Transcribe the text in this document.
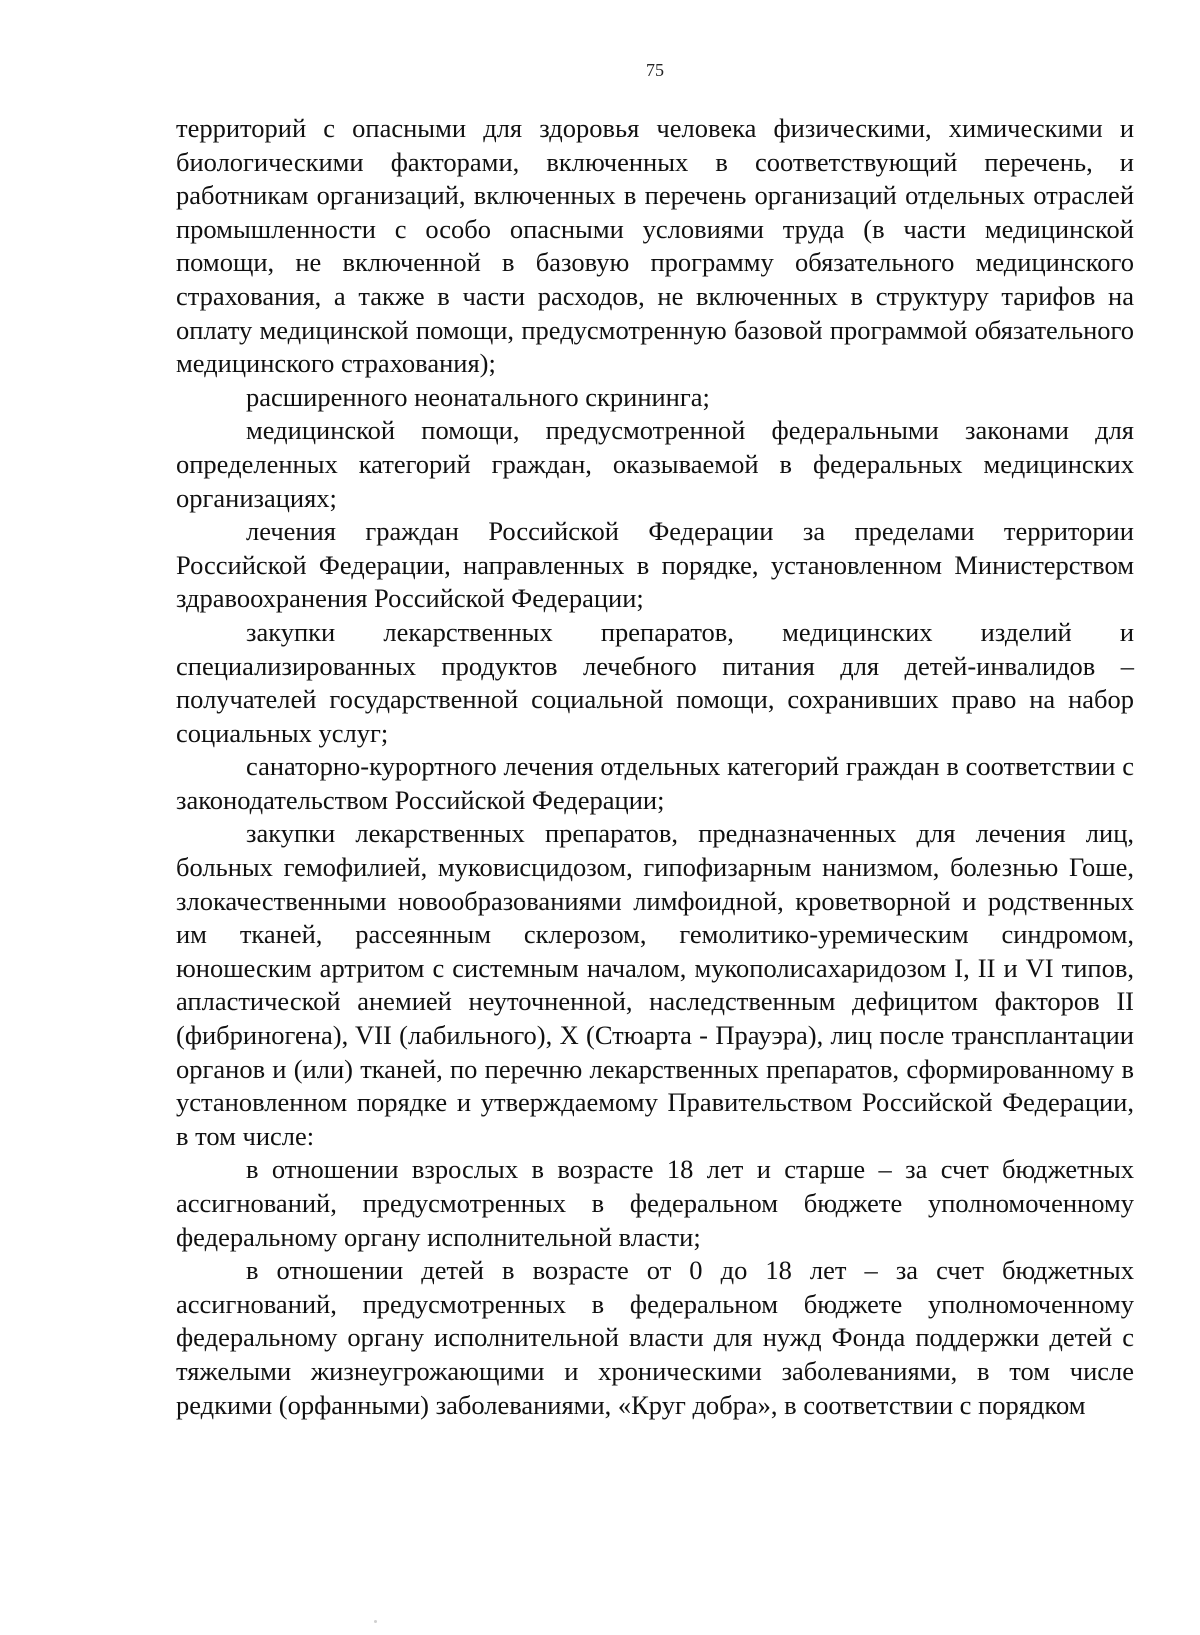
75

территорий с опасными для здоровья человека физическими, химическими и биологическими факторами, включенных в соответствующий перечень, и работникам организаций, включенных в перечень организаций отдельных отраслей промышленности с особо опасными условиями труда (в части медицинской помощи, не включенной в базовую программу обязательного медицинского страхования, а также в части расходов, не включенных в структуру тарифов на оплату медицинской помощи, предусмотренную базовой программой обязательного медицинского страхования);

расширенного неонатального скрининга;

медицинской помощи, предусмотренной федеральными законами для определенных категорий граждан, оказываемой в федеральных медицинских организациях;

лечения граждан Российской Федерации за пределами территории Российской Федерации, направленных в порядке, установленном Министерством здравоохранения Российской Федерации;

закупки лекарственных препаратов, медицинских изделий и специализированных продуктов лечебного питания для детей-инвалидов – получателей государственной социальной помощи, сохранивших право на набор социальных услуг;

санаторно-курортного лечения отдельных категорий граждан в соответствии с законодательством Российской Федерации;

закупки лекарственных препаратов, предназначенных для лечения лиц, больных гемофилией, муковисцидозом, гипофизарным нанизмом, болезнью Гоше, злокачественными новообразованиями лимфоидной, кроветворной и родственных им тканей, рассеянным склерозом, гемолитико-уремическим синдромом, юношеским артритом с системным началом, мукополисахаридозом I, II и VI типов, апластической анемией неуточненной, наследственным дефицитом факторов II (фибриногена), VII (лабильного), X (Стюарта - Прауэра), лиц после трансплантации органов и (или) тканей, по перечню лекарственных препаратов, сформированному в установленном порядке и утверждаемому Правительством Российской Федерации, в том числе:

в отношении взрослых в возрасте 18 лет и старше – за счет бюджетных ассигнований, предусмотренных в федеральном бюджете уполномоченному федеральному органу исполнительной власти;

в отношении детей в возрасте от 0 до 18 лет – за счет бюджетных ассигнований, предусмотренных в федеральном бюджете уполномоченному федеральному органу исполнительной власти для нужд Фонда поддержки детей с тяжелыми жизнеугрожающими и хроническими заболеваниями, в том числе редкими (орфанными) заболеваниями, «Круг добра», в соответствии с порядком
